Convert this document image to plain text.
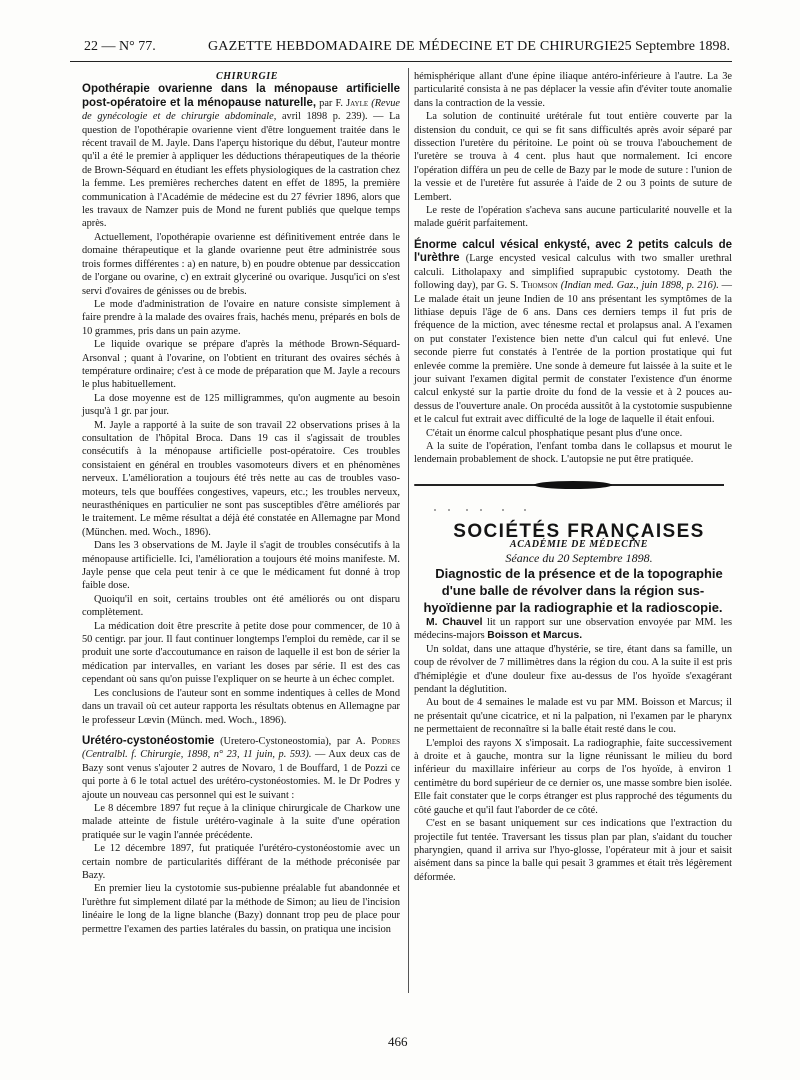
22 — N° 77.	GAZETTE HEBDOMADAIRE DE MÉDECINE ET DE CHIRURGIE.
25 Septembre 1898.

CHIRURGIE

Opothérapie ovarienne dans la ménopause artificielle post-opératoire et la ménopause naturelle, par F. Jayle (Revue de gynécologie et de chirurgie abdominale, avril 1898 p. 239). — La question de l'opothérapie ovarienne vient d'être longuement traitée dans le récent travail de M. Jayle. Dans l'aperçu historique du début, l'auteur montre qu'il a été le premier à appliquer les déductions thérapeutiques de la théorie de Brown-Séquard en étudiant les effets physiologiques de la castration chez la femme. Les premières recherches datent en effet de 1895, la première communication à l'Académie de médecine est du 27 février 1896, alors que les travaux de Namzer puis de Mond ne furent publiés que quelque temps après.

Actuellement, l'opothérapie ovarienne est définitivement entrée dans le domaine thérapeutique et la glande ovarienne peut être administrée sous trois formes différentes : a) en nature, b) en poudre obtenue par dessiccation de l'organe ou ovarine, c) en extrait glyceriné ou ovarique. Jusqu'ici on s'est servi d'ovaires de génisses ou de brebis.

Le mode d'administration de l'ovaire en nature consiste simplement à faire prendre à la malade des ovaires frais, hachés menu, préparés en bols de 10 grammes, pris dans un pain azyme.

Le liquide ovarique se prépare d'après la méthode Brown-Séquard-Arsonval ; quant à l'ovarine, on l'obtient en triturant des ovaires séchés à température ordinaire; c'est à ce mode de préparation que M. Jayle a recours le plus habituellement.

La dose moyenne est de 125 milligrammes, qu'on augmente au besoin jusqu'à 1 gr. par jour.

M. Jayle a rapporté à la suite de son travail 22 observations prises à la consultation de l'hôpital Broca. Dans 19 cas il s'agissait de troubles consécutifs à la ménopause artificielle post-opératoire. Ces troubles consistaient en général en troubles vasomoteurs divers et en phénomènes nerveux. L'amélioration a toujours été très nette au cas de troubles vaso-moteurs, tels que bouffées congestives, vapeurs, etc.; les troubles nerveux, neurasthéniques en particulier ne sont pas susceptibles d'être améliorés par le traitement. Le même résultat a déjà été constatée en Allemagne par Mond (München. med. Woch., 1896).

Dans les 3 observations de M. Jayle il s'agit de troubles consécutifs à la ménopause artificielle. Ici, l'amélioration a toujours été moins manifeste. M. Jayle pense que cela peut tenir à ce que le médicament fut donné à trop faible dose.

Quoiqu'il en soit, certains troubles ont été améliorés ou ont disparu complètement.

La médication doit être prescrite à petite dose pour commencer, de 10 à 50 centigr. par jour. Il faut continuer longtemps l'emploi du remède, car il se produit une sorte d'accoutumance en raison de laquelle il est bon de sérier la médication par intervalles, en variant les doses par série. Il est des cas cependant où sans qu'on puisse l'expliquer on se heurte à un échec complet.

Les conclusions de l'auteur sont en somme indentiques à celles de Mond dans un travail où cet auteur rapporta les résultats obtenus en Allemagne par le professeur Lœvin (Münch. med. Woch., 1896).

Urétéro-cystonéostomie (Uretero-Cystoneostomia), par A. Podres (Centralbl. f. Chirurgie, 1898, n° 23, 11 juin, p. 593). — Aux deux cas de Bazy sont venus s'ajouter 2 autres de Novaro, 1 de Bouffard, 1 de Pozzi ce qui porte à 6 le total actuel des urétéro-cystonéostomies. M. le Dr Podres y ajoute un nouveau cas personnel qui est le suivant :

Le 8 décembre 1897 fut reçue à la clinique chirurgicale de Charkow une malade atteinte de fistule urétéro-vaginale à la suite d'une opération pratiquée sur le vagin l'année précédente.

Le 12 décembre 1897, fut pratiquée l'urétéro-cystonéostomie avec un certain nombre de particularités différant de la méthode préconisée par Bazy.

En premier lieu la cystotomie sus-pubienne préalable fut abandonnée et l'urèthre fut simplement dilaté par la méthode de Simon; au lieu de l'incision linéaire le long de la ligne blanche (Bazy) donnant trop peu de place pour permettre l'examen des parties latérales du bassin, on pratiqua une incision

hémisphérique allant d'une épine iliaque antéro-inférieure à l'autre. La 3e particularité consista à ne pas déplacer la vessie afin d'éviter toute anomalie dans la contraction de la vessie.

La solution de continuité urétérale fut tout entière couverte par la distension du conduit, ce qui se fit sans difficultés après avoir séparé par dissection l'uretère du péritoine. Le point où se trouva l'abouchement de l'uretère se trouva à 4 cent. plus haut que normalement. Ici encore l'opération différa un peu de celle de Bazy par le mode de suture : l'union de la vessie et de l'uretère fut assurée à l'aide de 2 ou 3 points de suture de Lembert.

Le reste de l'opération s'acheva sans aucune particularité nouvelle et la malade guérit parfaitement.

Énorme calcul vésical enkysté, avec 2 petits calculs de l'urèthre (Large encysted vesical calculus with two smaller urethral calculi. Litholapaxy and simplified suprapubic cystotomy. Death the following day), par G. S. Thomson (Indian med. Gaz., juin 1898, p. 216). — Le malade était un jeune Indien de 10 ans présentant les symptômes de la lithiase depuis l'âge de 6 ans. Dans ces derniers temps il fut pris de fréquence de la miction, avec ténesme rectal et prolapsus anal. A l'examen on put constater l'existence bien nette d'un calcul qui fut enlevé. Une seconde pierre fut constatés à l'entrée de la portion prostatique qui fut enlevée comme la première. Une sonde à demeure fut laissée à la suite et le jour suivant l'examen digital permit de constater l'existence d'un énorme calcul enkysté sur la partie droite du fond de la vessie et à 2 pouces au-dessus de l'ouverture anale. On procéda aussitôt à la cystotomie suspubienne et le calcul fut extrait avec difficulté de la loge de laquelle il était enfoui.

C'était un énorme calcul phosphatique pesant plus d'une once.

A la suite de l'opération, l'enfant tomba dans le collapsus et mourut le lendemain probablement de shock. L'autopsie ne put être pratiquée.

SOCIÉTÉS FRANÇAISES

ACADÉMIE DE MÉDECINE

Séance du 20 Septembre 1898.

Diagnostic de la présence et de la topographie d'une balle de révolver dans la région sus-hyoïdienne par la radiographie et la radioscopie.

M. Chauvel lit un rapport sur une observation envoyée par MM. les médecins-majors Boisson et Marcus.

Un soldat, dans une attaque d'hystérie, se tire, étant dans sa famille, un coup de révolver de 7 millimètres dans la région du cou. A la suite il est pris d'hémiplégie et d'une douleur fixe au-dessus de l'os hyoïde s'exagérant pendant la déglutition.

Au bout de 4 semaines le malade est vu par MM. Boisson et Marcus; il ne présentait qu'une cicatrice, et ni la palpation, ni l'examen par le pharynx ne permettaient de reconnaître si la balle était resté dans le cou.

L'emploi des rayons X s'imposait. La radiographie, faite successivement à droite et à gauche, montra sur la ligne réunissant le milieu du bord inférieur du maxillaire inférieur au corps de l'os hyoïde, à environ 1 centimètre du bord supérieur de ce dernier os, une masse sombre bien isolée. Elle fait constater que le corps étranger est plus rapproché des téguments du côté gauche et qu'il faut l'aborder de ce côté.

C'est en se basant uniquement sur ces indications que l'extraction du projectile fut tentée. Traversant les tissus plan par plan, s'aidant du toucher pharyngien, quand il arriva sur l'hyo-glosse, l'opérateur mit à jour et saisit aisément dans sa pince la balle qui pesait 3 grammes et était très légèrement déformée.

466
